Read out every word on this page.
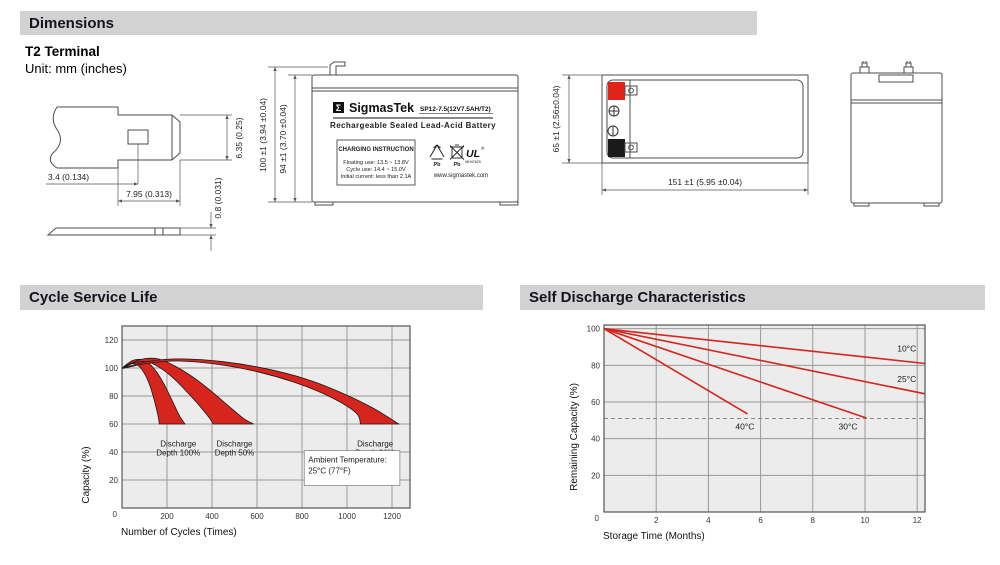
Dimensions
T2 Terminal
Unit: mm (inches)
3.4 (0.134)
7.95 (0.313)
6.35 (0.25)
0.8 (0.031)
100 ±1 (3.94 ±0.04) 94 ±1 (3.70 ±0.04)	Σ SigmasTek SP12-7.5(12V7.5AH/T2)
Rechargeable Sealed Lead-Acid Battery
CHARGING INSTRUCTION
Floating use: 13.5 ~ 13.8V
Cycle use: 14.4 ~ 15.0V
Initial current: less than 2.1A
Pb Pb
UL ®
MH47629
www.sigmastek.com
65 ±1 (2.56±0.04)
151 ±1 (5.95 ±0.04)
Cycle Service Life	Self Discharge Characteristics
Discharge Depth 100%
Discharge Depth 50%
Discharge
Ambient Temperature: 25°C (77°F)
200	400	600	800	1000	1200
20
40
60
80
100
120
0
Number of Cycles (Times)
Capacity (%)
10°C
25°C
30°C
40°C
2	4	6	8	10	12
20
40
60
80
100
0
Storage Time (Months)
Remaining Capacity (%)
